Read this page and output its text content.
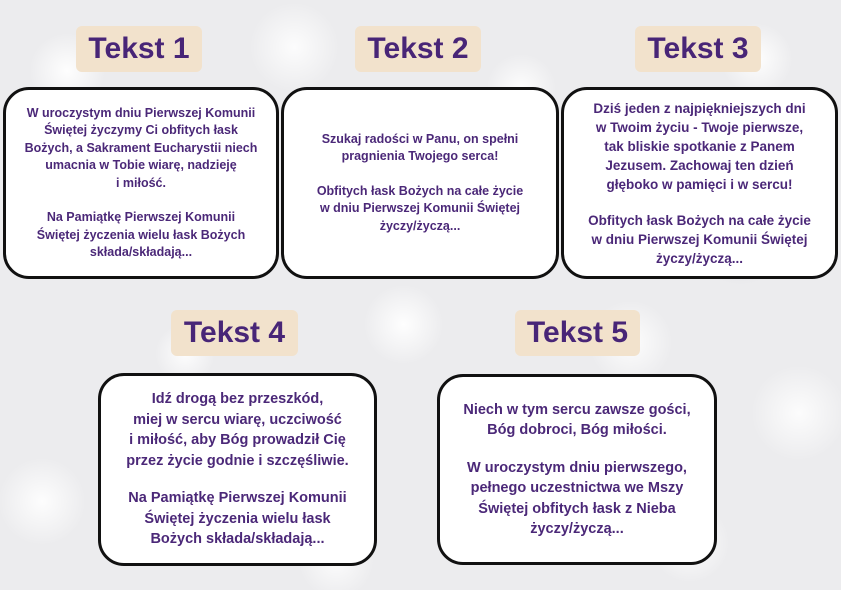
Tekst 1

W uroczystym dniu Pierwszej Komunii
Świętej życzymy Ci obfitych łask
Bożych, a Sakrament Eucharystii niech
umacnia w Tobie wiarę, nadzieję
i miłość.

Na Pamiątkę Pierwszej Komunii
Świętej życzenia wielu łask Bożych
składa/składają...

Tekst 2

Szukaj radości w Panu, on spełni
pragnienia Twojego serca!

Obfitych łask Bożych na całe życie
w dniu Pierwszej Komunii Świętej
życzy/życzą...

Tekst 3

Dziś jeden z najpiękniejszych dni
w Twoim życiu - Twoje pierwsze,
tak bliskie spotkanie z Panem
Jezusem. Zachowaj ten dzień
głęboko w pamięci i w sercu!

Obfitych łask Bożych na całe życie
w dniu Pierwszej Komunii Świętej
życzy/życzą...

Tekst 4

Idź drogą bez przeszkód,
miej w sercu wiarę, uczciwość
i miłość, aby Bóg prowadził Cię
przez życie godnie i szczęśliwie.

Na Pamiątkę Pierwszej Komunii
Świętej życzenia wielu łask
Bożych składa/składają...

Tekst 5

Niech w tym sercu zawsze gości,
Bóg dobroci, Bóg miłości.

W uroczystym dniu pierwszego,
pełnego uczestnictwa we Mszy
Świętej obfitych łask z Nieba
życzy/życzą...
